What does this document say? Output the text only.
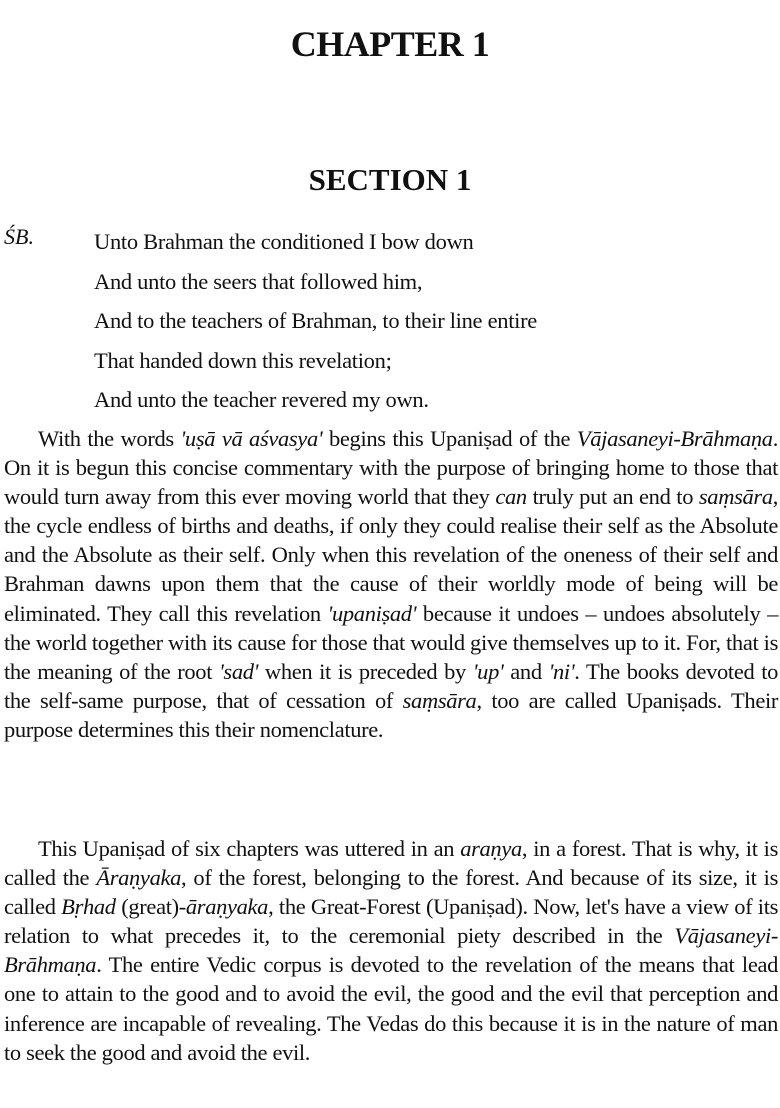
CHAPTER 1
SECTION 1
ŚB.	Unto Brahman the conditioned I bow down
And unto the seers that followed him,
And to the teachers of Brahman, to their line entire
That handed down this revelation;
And unto the teacher revered my own.

With the words 'uṣā vā aśvasya' begins this Upaniṣad of the Vājasaneyi-Brāhmaṇa. On it is begun this concise commentary with the purpose of bringing home to those that would turn away from this ever moving world that they can truly put an end to saṃsāra, the cycle endless of births and deaths, if only they could realise their self as the Absolute and the Absolute as their self. Only when this revelation of the oneness of their self and Brahman dawns upon them that the cause of their worldly mode of being will be eliminated. They call this revelation 'upaniṣad' because it undoes – undoes absolutely – the world together with its cause for those that would give themselves up to it. For, that is the meaning of the root 'sad' when it is preceded by 'up' and 'ni'. The books devoted to the self-same purpose, that of cessation of saṃsāra, too are called Upaniṣads. Their purpose determines this their nomenclature.

This Upaniṣad of six chapters was uttered in an araṇya, in a forest. That is why, it is called the Āraṇyaka, of the forest, belonging to the forest. And because of its size, it is called Bṛhad (great)-āraṇyaka, the Great-Forest (Upaniṣad). Now, let's have a view of its relation to what precedes it, to the ceremonial piety described in the Vājasaneyi-Brāhmaṇa. The entire Vedic corpus is devoted to the revelation of the means that lead one to attain to the good and to avoid the evil, the good and the evil that perception and inference are incapable of revealing. The Vedas do this because it is in the nature of man to seek the good and avoid the evil.
